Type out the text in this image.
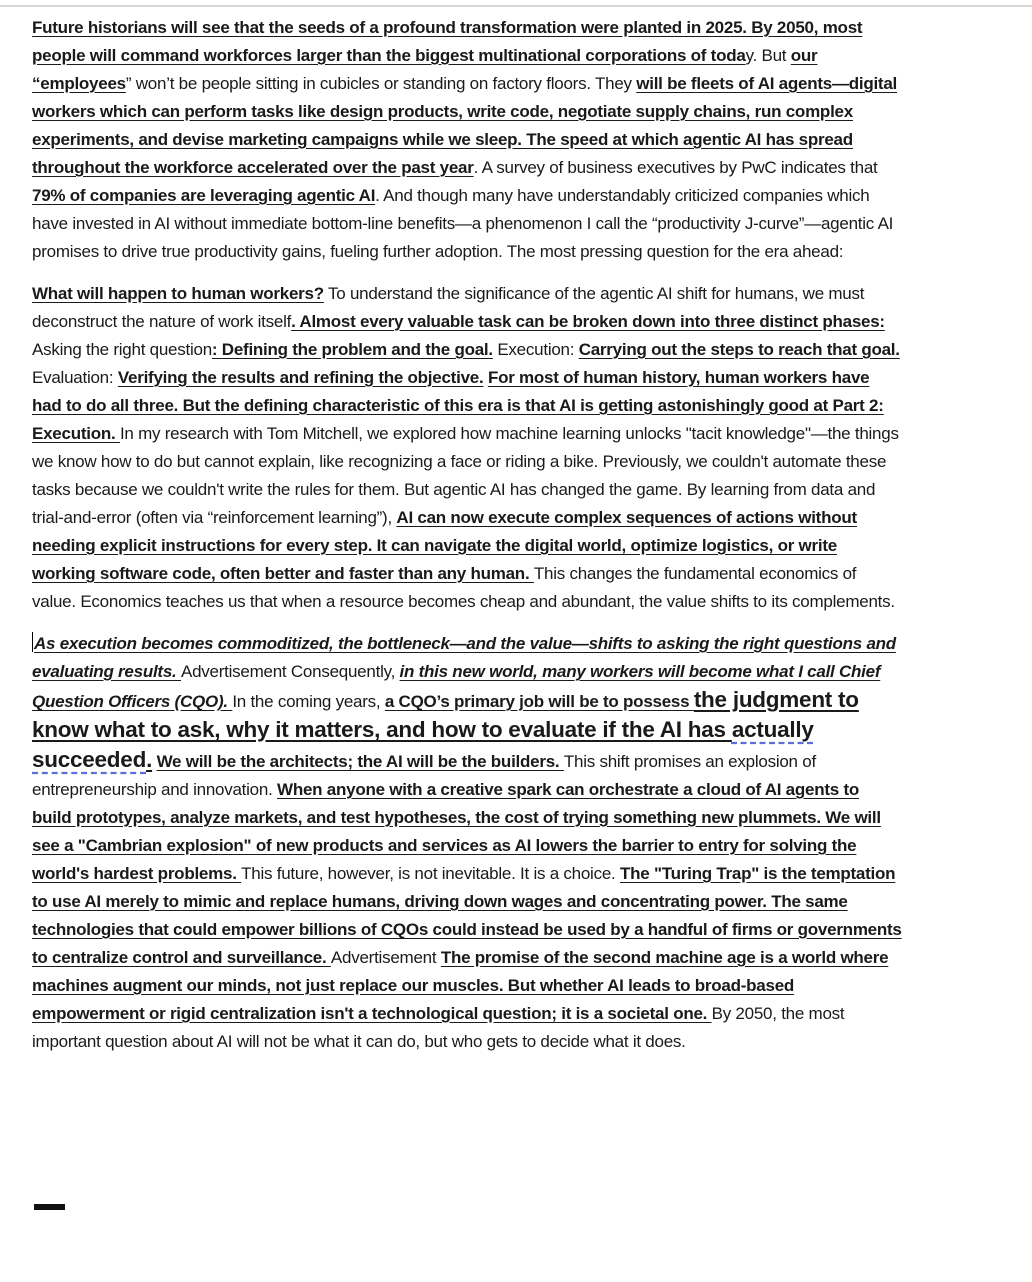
Future historians will see that the seeds of a profound transformation were planted in 2025. By 2050, most people will command workforces larger than the biggest multinational corporations of today. But our “employees” won’t be people sitting in cubicles or standing on factory floors. They will be fleets of AI agents—digital workers which can perform tasks like design products, write code, negotiate supply chains, run complex experiments, and devise marketing campaigns while we sleep. The speed at which agentic AI has spread throughout the workforce accelerated over the past year. A survey of business executives by PwC indicates that 79% of companies are leveraging agentic AI. And though many have understandably criticized companies which have invested in AI without immediate bottom-line benefits—a phenomenon I call the “productivity J-curve”—agentic AI promises to drive true productivity gains, fueling further adoption. The most pressing question for the era ahead:

What will happen to human workers? To understand the significance of the agentic AI shift for humans, we must deconstruct the nature of work itself. Almost every valuable task can be broken down into three distinct phases: Asking the right question: Defining the problem and the goal. Execution: Carrying out the steps to reach that goal. Evaluation: Verifying the results and refining the objective. For most of human history, human workers have had to do all three. But the defining characteristic of this era is that AI is getting astonishingly good at Part 2: Execution. In my research with Tom Mitchell, we explored how machine learning unlocks "tacit knowledge"—the things we know how to do but cannot explain, like recognizing a face or riding a bike. Previously, we couldn't automate these tasks because we couldn't write the rules for them. But agentic AI has changed the game. By learning from data and trial-and-error (often via “reinforcement learning”), AI can now execute complex sequences of actions without needing explicit instructions for every step. It can navigate the digital world, optimize logistics, or write working software code, often better and faster than any human. This changes the fundamental economics of value. Economics teaches us that when a resource becomes cheap and abundant, the value shifts to its complements.

As execution becomes commoditized, the bottleneck—and the value—shifts to asking the right questions and evaluating results. Advertisement Consequently, in this new world, many workers will become what I call Chief Question Officers (CQO). In the coming years, a CQO’s primary job will be to possess the judgment to know what to ask, why it matters, and how to evaluate if the AI has actually succeeded. We will be the architects; the AI will be the builders. This shift promises an explosion of entrepreneurship and innovation. When anyone with a creative spark can orchestrate a cloud of AI agents to build prototypes, analyze markets, and test hypotheses, the cost of trying something new plummets. We will see a "Cambrian explosion" of new products and services as AI lowers the barrier to entry for solving the world's hardest problems. This future, however, is not inevitable. It is a choice. The "Turing Trap" is the temptation to use AI merely to mimic and replace humans, driving down wages and concentrating power. The same technologies that could empower billions of CQOs could instead be used by a handful of firms or governments to centralize control and surveillance. Advertisement The promise of the second machine age is a world where machines augment our minds, not just replace our muscles. But whether AI leads to broad-based empowerment or rigid centralization isn't a technological question; it is a societal one. By 2050, the most important question about AI will not be what it can do, but who gets to decide what it does.
